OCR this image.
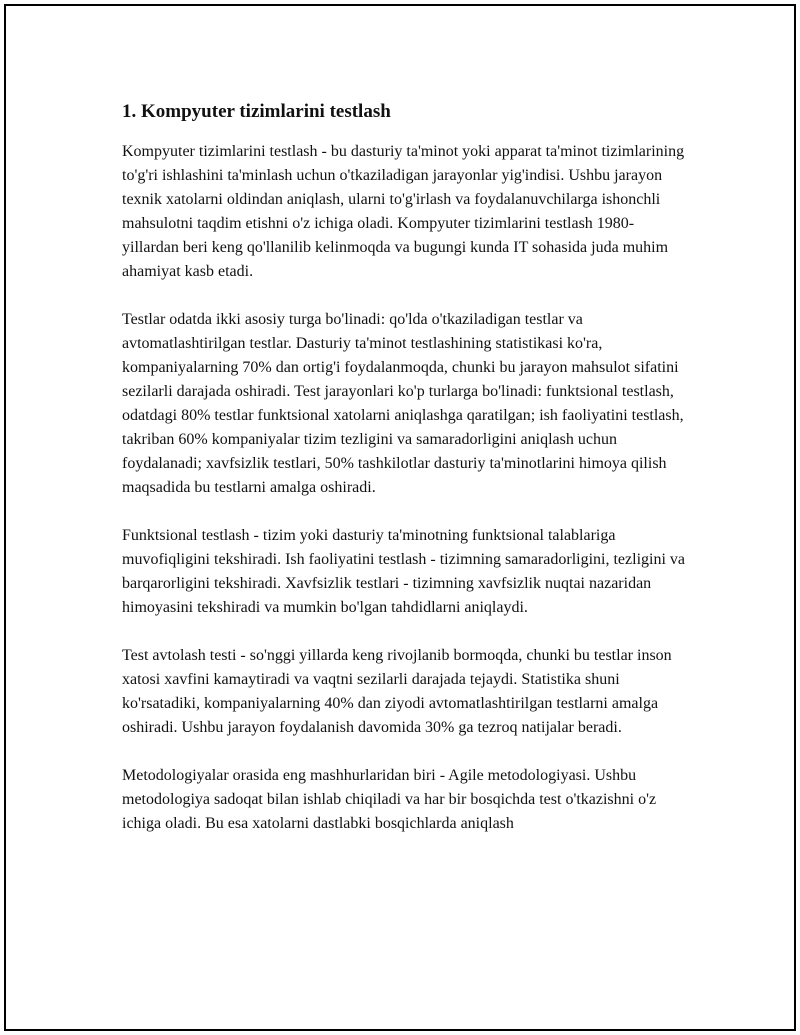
1. Kompyuter tizimlarini testlash

Kompyuter tizimlarini testlash - bu dasturiy ta'minot yoki apparat ta'minot tizimlarining to'g'ri ishlashini ta'minlash uchun o'tkaziladigan jarayonlar yig'indisi. Ushbu jarayon texnik xatolarni oldindan aniqlash, ularni to'g'irlash va foydalanuvchilarga ishonchli mahsulotni taqdim etishni o'z ichiga oladi. Kompyuter tizimlarini testlash 1980-yillardan beri keng qo'llanilib kelinmoqda va bugungi kunda IT sohasida juda muhim ahamiyat kasb etadi.

Testlar odatda ikki asosiy turga bo'linadi: qo'lda o'tkaziladigan testlar va avtomatlashtirilgan testlar. Dasturiy ta'minot testlashining statistikasi ko'ra, kompaniyalarning 70% dan ortig'i foydalanmoqda, chunki bu jarayon mahsulot sifatini sezilarli darajada oshiradi. Test jarayonlari ko'p turlarga bo'linadi: funktsional testlash, odatdagi 80% testlar funktsional xatolarni aniqlashga qaratilgan; ish faoliyatini testlash, takriban 60% kompaniyalar tizim tezligini va samaradorligini aniqlash uchun foydalanadi; xavfsizlik testlari, 50% tashkilotlar dasturiy ta'minotlarini himoya qilish maqsadida bu testlarni amalga oshiradi.

Funktsional testlash - tizim yoki dasturiy ta'minotning funktsional talablariga muvofiqligini tekshiradi. Ish faoliyatini testlash - tizimning samaradorligini, tezligini va barqarorligini tekshiradi. Xavfsizlik testlari - tizimning xavfsizlik nuqtai nazaridan himoyasini tekshiradi va mumkin bo'lgan tahdidlarni aniqlaydi.

Test avtolash testi - so'nggi yillarda keng rivojlanib bormoqda, chunki bu testlar inson xatosi xavfini kamaytiradi va vaqtni sezilarli darajada tejaydi. Statistika shuni ko'rsatadiki, kompaniyalarning 40% dan ziyodi avtomatlashtirilgan testlarni amalga oshiradi. Ushbu jarayon foydalanish davomida 30% ga tezroq natijalar beradi.

Metodologiyalar orasida eng mashhurlaridan biri - Agile metodologiyasi. Ushbu metodologiya sadoqat bilan ishlab chiqiladi va har bir bosqichda test o'tkazishni o'z ichiga oladi. Bu esa xatolarni dastlabki bosqichlarda aniqlash
